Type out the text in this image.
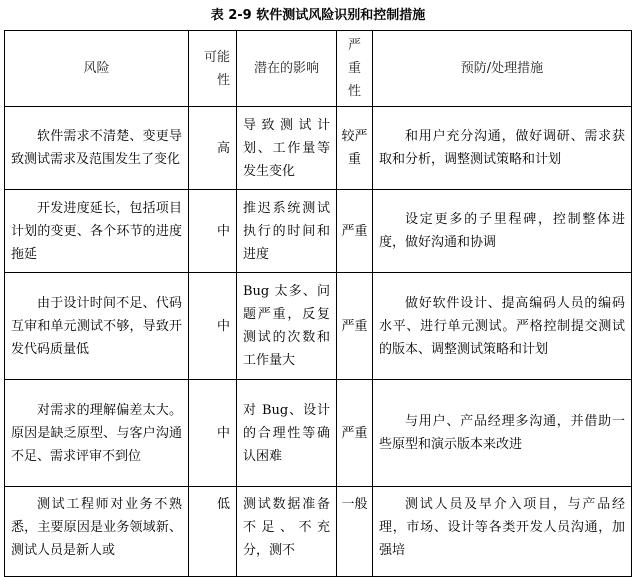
表 2-9 软件测试风险识别和控制措施
风险	可能性	潜在的影响	严重性	预防/处理措施
软件需求不清楚、变更导致测试需求及范围发生了变化	高	导致测试计划、工作量等发生变化	较严重	和用户充分沟通，做好调研、需求获取和分析，调整测试策略和计划
开发进度延长，包括项目计划的变更、各个环节的进度拖延	中	推迟系统测试执行的时间和进度	严重	设定更多的子里程碑，控制整体进度，做好沟通和协调
由于设计时间不足、代码互审和单元测试不够，导致开发代码质量低	中	Bug 太多、问题严重，反复测试的次数和工作量大	严重	做好软件设计、提高编码人员的编码水平、进行单元测试。严格控制提交测试的版本、调整测试策略和计划
对需求的理解偏差太大。原因是缺乏原型、与客户沟通不足、需求评审不到位	中	对 Bug、设计的合理性等确认困难	严重	与用户、产品经理多沟通，并借助一些原型和演示版本来改进
测试工程师对业务不熟悉，主要原因是业务领域新、测试人员是新人或	低	测试数据准备不足、不充分，测不	一般	测试人员及早介入项目，与产品经理，市场、设计等各类开发人员沟通，加强培
